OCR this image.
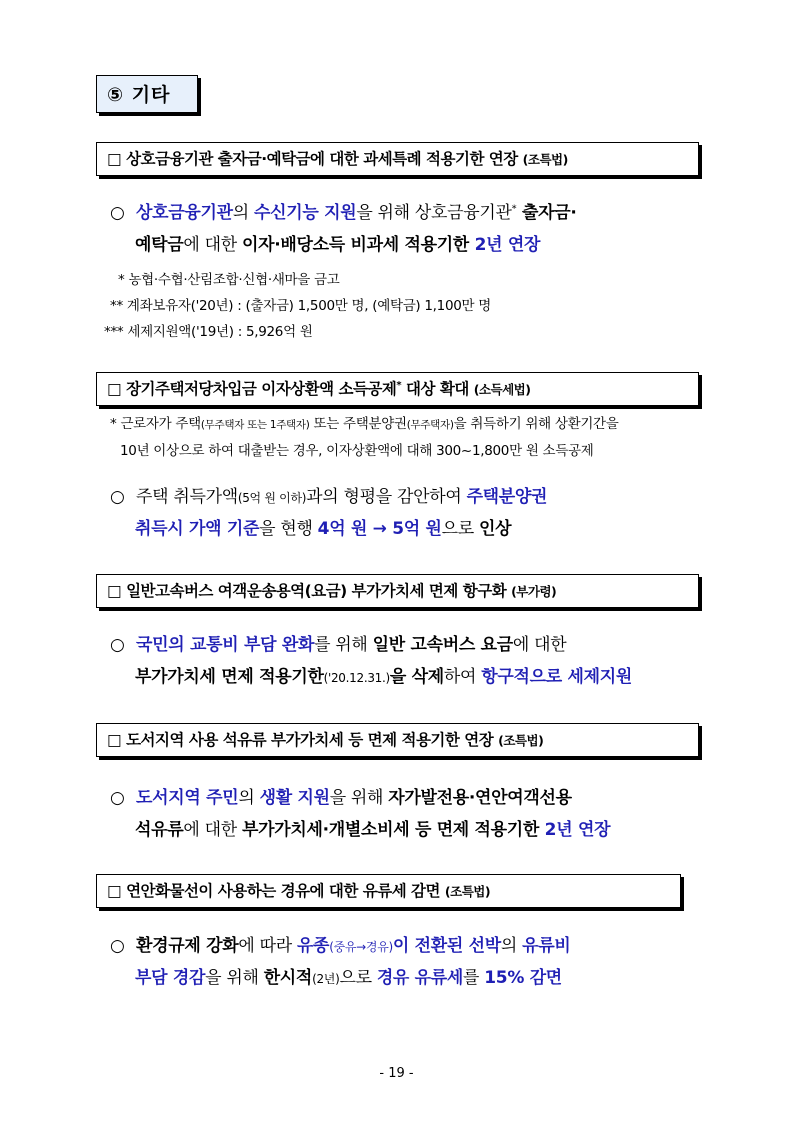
⑤ 기타
□ 상호금융기관 출자금·예탁금에 대한 과세특례 적용기한 연장 (조특법)
○ 상호금융기관의 수신기능 지원을 위해 상호금융기관* 출자금·
예탁금에 대한 이자·배당소득 비과세 적용기한 2년 연장
* 농협·수협·산림조합·신협·새마을 금고
** 계좌보유자('20년) : (출자금) 1,500만 명, (예탁금) 1,100만 명
*** 세제지원액('19년) : 5,926억 원
□ 장기주택저당차입금 이자상환액 소득공제* 대상 확대 (소득세법)
* 근로자가 주택(무주택자 또는 1주택자) 또는 주택분양권(무주택자)을 취득하기 위해 상환기간을
10년 이상으로 하여 대출받는 경우, 이자상환액에 대해 300~1,800만 원 소득공제
○ 주택 취득가액(5억 원 이하)과의 형평을 감안하여 주택분양권
취득시 가액 기준을 현행 4억 원 → 5억 원으로 인상
□ 일반고속버스 여객운송용역(요금) 부가가치세 면제 항구화 (부가령)
○ 국민의 교통비 부담 완화를 위해 일반 고속버스 요금에 대한
부가가치세 면제 적용기한('20.12.31.)을 삭제하여 항구적으로 세제지원
□ 도서지역 사용 석유류 부가가치세 등 면제 적용기한 연장 (조특법)
○ 도서지역 주민의 생활 지원을 위해 자가발전용·연안여객선용
석유류에 대한 부가가치세·개별소비세 등 면제 적용기한 2년 연장
□ 연안화물선이 사용하는 경유에 대한 유류세 감면 (조특법)
○ 환경규제 강화에 따라 유종(중유→경유)이 전환된 선박의 유류비
부담 경감을 위해 한시적(2년)으로 경유 유류세를 15% 감면
- 19 -
